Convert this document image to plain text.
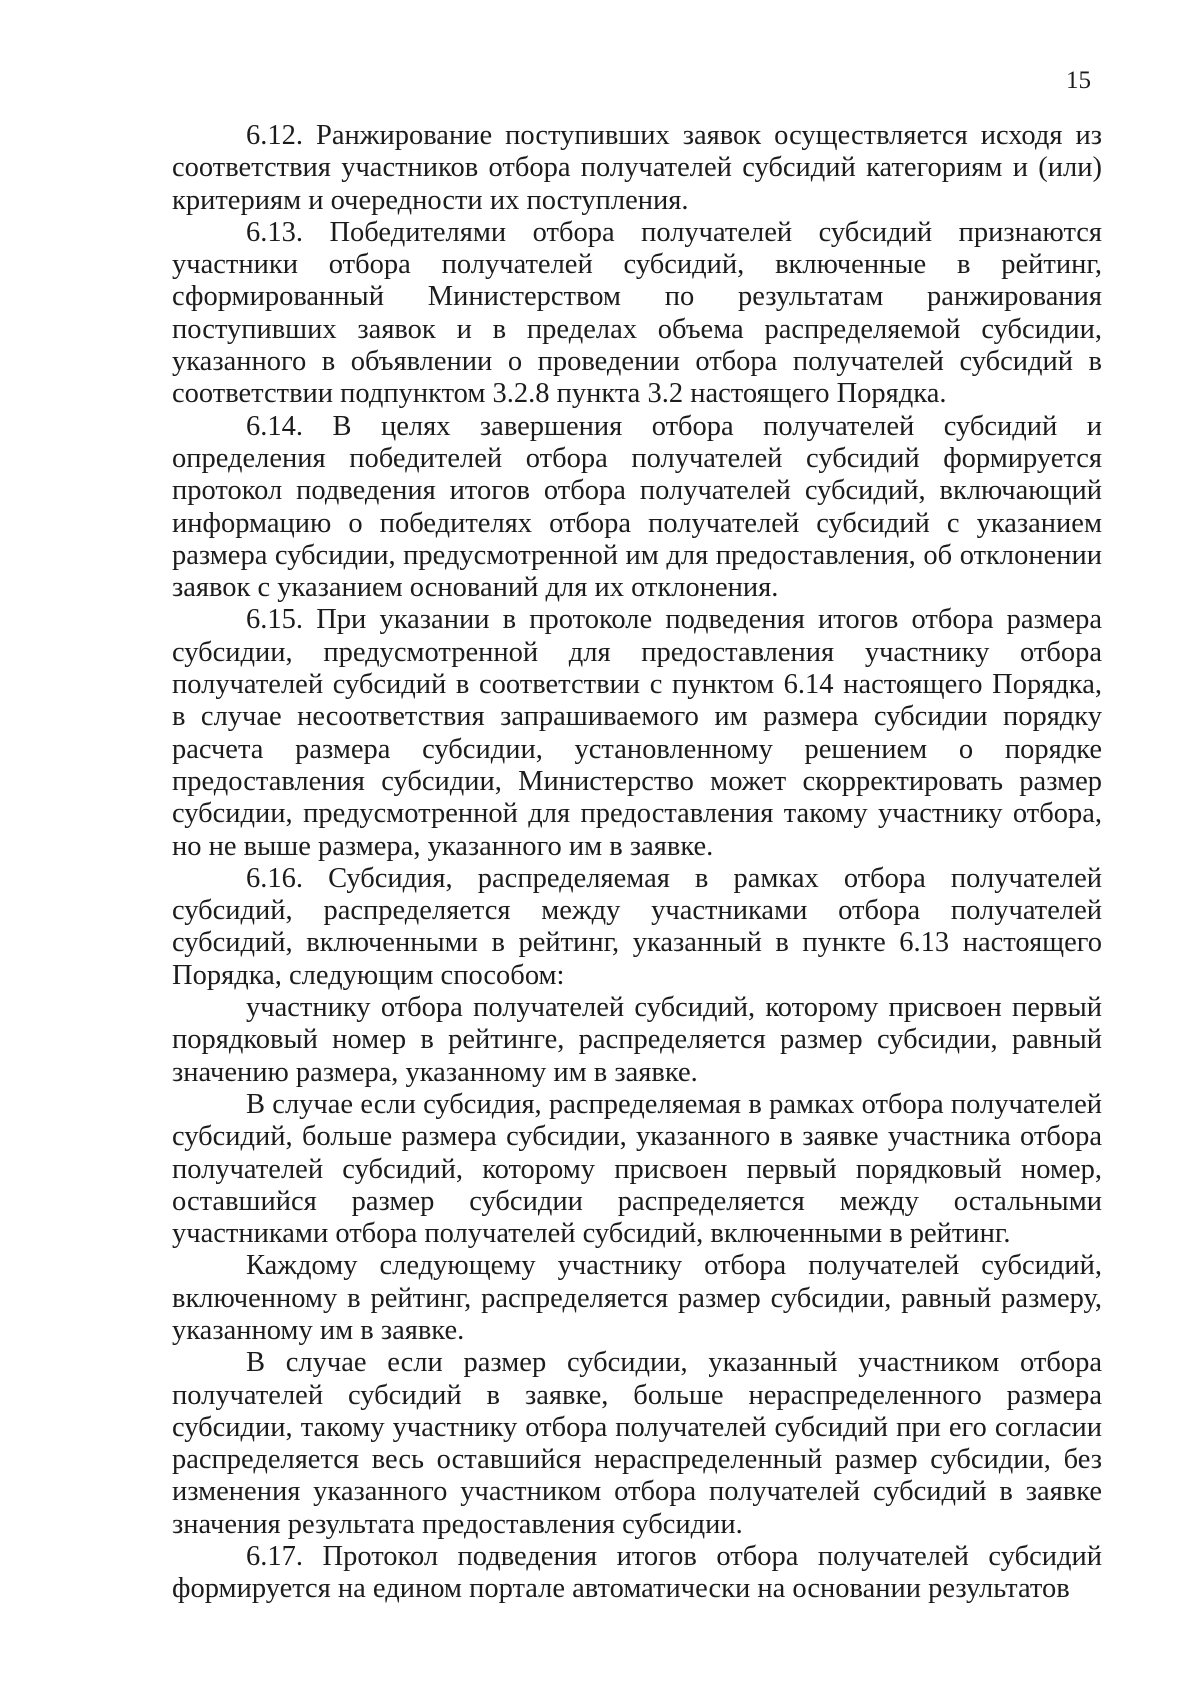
15

6.12. Ранжирование поступивших заявок осуществляется исходя из соответствия участников отбора получателей субсидий категориям и (или) критериям и очередности их поступления.

6.13. Победителями отбора получателей субсидий признаются участники отбора получателей субсидий, включенные в рейтинг, сформированный Министерством по результатам ранжирования поступивших заявок и в пределах объема распределяемой субсидии, указанного в объявлении о проведении отбора получателей субсидий в соответствии подпунктом 3.2.8 пункта 3.2 настоящего Порядка.

6.14. В целях завершения отбора получателей субсидий и определения победителей отбора получателей субсидий формируется протокол подведения итогов отбора получателей субсидий, включающий информацию о победителях отбора получателей субсидий с указанием размера субсидии, предусмотренной им для предоставления, об отклонении заявок с указанием оснований для их отклонения.

6.15. При указании в протоколе подведения итогов отбора размера субсидии, предусмотренной для предоставления участнику отбора получателей субсидий в соответствии с пунктом 6.14 настоящего Порядка, в случае несоответствия запрашиваемого им размера субсидии порядку расчета размера субсидии, установленному решением о порядке предоставления субсидии, Министерство может скорректировать размер субсидии, предусмотренной для предоставления такому участнику отбора, но не выше размера, указанного им в заявке.

6.16. Субсидия, распределяемая в рамках отбора получателей субсидий, распределяется между участниками отбора получателей субсидий, включенными в рейтинг, указанный в пункте 6.13 настоящего Порядка, следующим способом:

участнику отбора получателей субсидий, которому присвоен первый порядковый номер в рейтинге, распределяется размер субсидии, равный значению размера, указанному им в заявке.

В случае если субсидия, распределяемая в рамках отбора получателей субсидий, больше размера субсидии, указанного в заявке участника отбора получателей субсидий, которому присвоен первый порядковый номер, оставшийся размер субсидии распределяется между остальными участниками отбора получателей субсидий, включенными в рейтинг.

Каждому следующему участнику отбора получателей субсидий, включенному в рейтинг, распределяется размер субсидии, равный размеру, указанному им в заявке.

В случае если размер субсидии, указанный участником отбора получателей субсидий в заявке, больше нераспределенного размера субсидии, такому участнику отбора получателей субсидий при его согласии распределяется весь оставшийся нераспределенный размер субсидии, без изменения указанного участником отбора получателей субсидий в заявке значения результата предоставления субсидии.

6.17. Протокол подведения итогов отбора получателей субсидий формируется на едином портале автоматически на основании результатов
